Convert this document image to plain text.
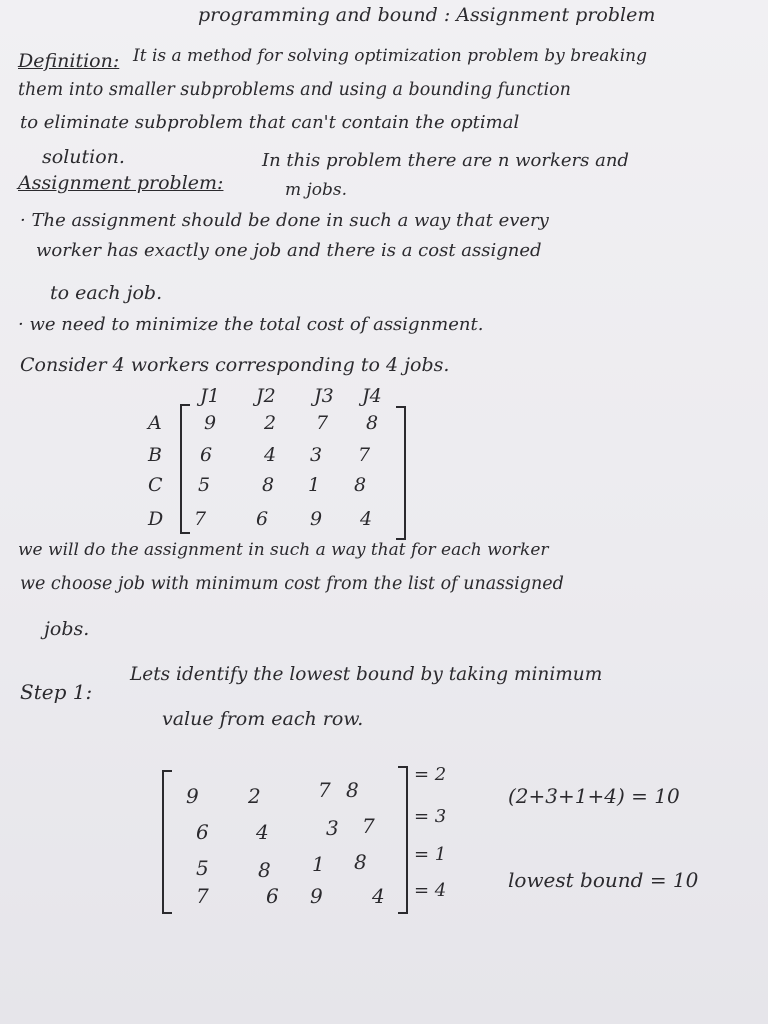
programming and bound : Assignment problem
Definition: It is a method for solving optimization problem by breaking
them into smaller subproblems and using a bounding function
to eliminate subproblem that can't contain the optimal
solution.
Assignment problem:
In this problem there are n workers and
m jobs.
· The assignment should be done in such a way that every
worker has exactly one job and there is a cost assigned
to each job.
· we need to minimize the total cost of assignment.
Consider 4 workers corresponding to 4 jobs.
J1 J2 J3 J4
A 9	2 7 8
B 6	4 3 7
C 5	8 1 8
D 7	6 9 4
we will do the assignment in such a way that for each worker
we choose job with minimum cost from the list of unassigned
jobs.
Step 1:
Lets identify the lowest bound by taking minimum
value from each row.
9 2	7 8
6 4	3 7
5 8 1 8
7	6 9 4
= 2
= 3
= 1
= 4
(2+3+1+4) = 10
lowest bound = 10
